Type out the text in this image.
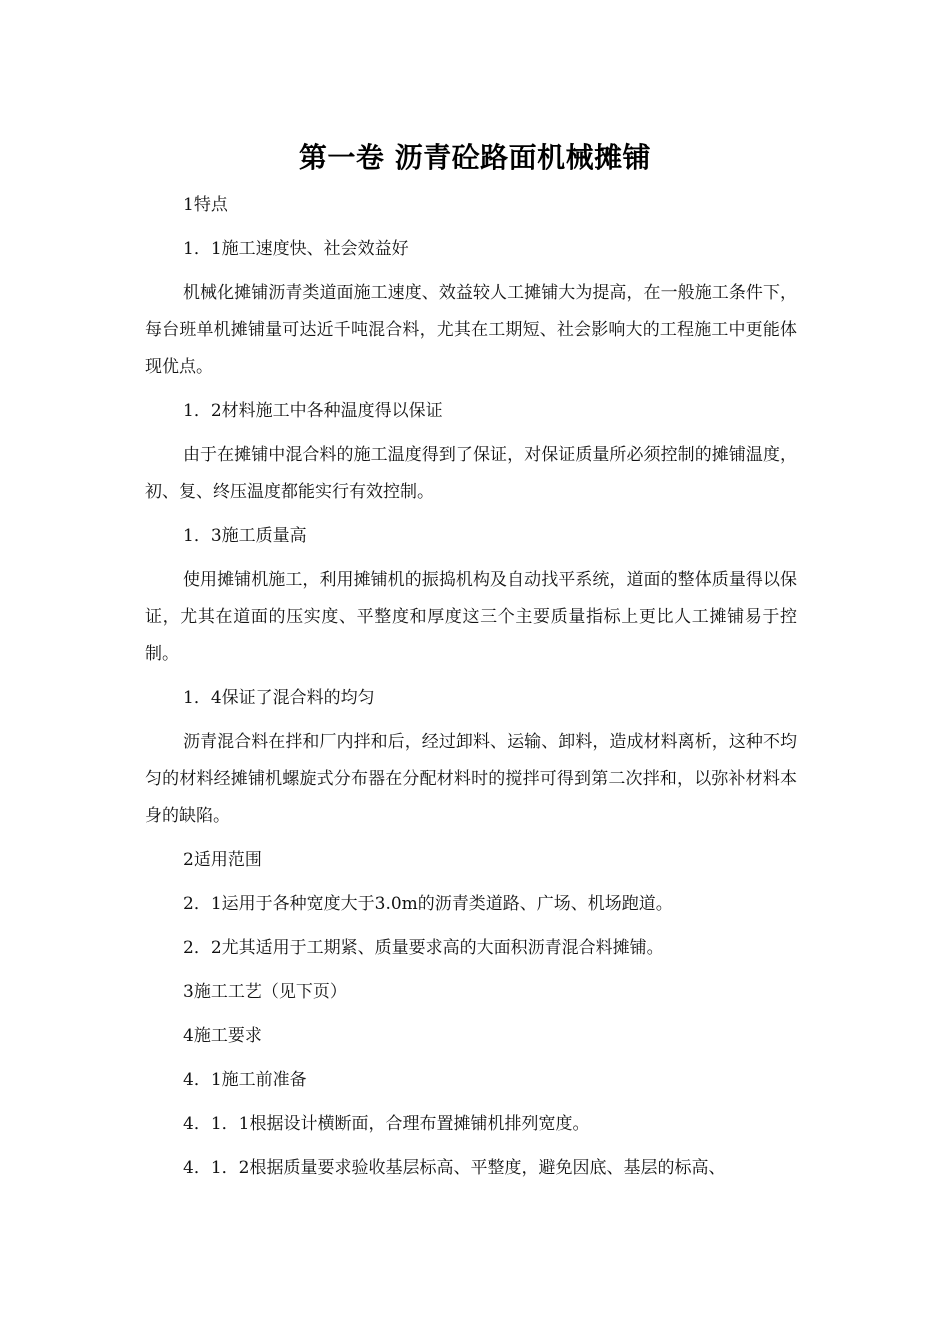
第一卷 沥青砼路面机械摊铺

1特点

1．1施工速度快、社会效益好

机械化摊铺沥青类道面施工速度、效益较人工摊铺大为提高，在一般施工条件下，每台班单机摊铺量可达近千吨混合料，尤其在工期短、社会影响大的工程施工中更能体现优点。

1．2材料施工中各种温度得以保证

由于在摊铺中混合料的施工温度得到了保证，对保证质量所必须控制的摊铺温度，初、复、终压温度都能实行有效控制。

1．3施工质量高

使用摊铺机施工，利用摊铺机的振捣机构及自动找平系统，道面的整体质量得以保证，尤其在道面的压实度、平整度和厚度这三个主要质量指标上更比人工摊铺易于控制。

1．4保证了混合料的均匀

沥青混合料在拌和厂内拌和后，经过卸料、运输、卸料，造成材料离析，这种不均匀的材料经摊铺机螺旋式分布器在分配材料时的搅拌可得到第二次拌和，以弥补材料本身的缺陷。

2适用范围

2．1运用于各种宽度大于3.0m的沥青类道路、广场、机场跑道。

2．2尤其适用于工期紧、质量要求高的大面积沥青混合料摊铺。

3施工工艺（见下页）

4施工要求

4．1施工前准备

4．1．1根据设计横断面，合理布置摊铺机排列宽度。

4．1．2根据质量要求验收基层标高、平整度，避免因底、基层的标高、
